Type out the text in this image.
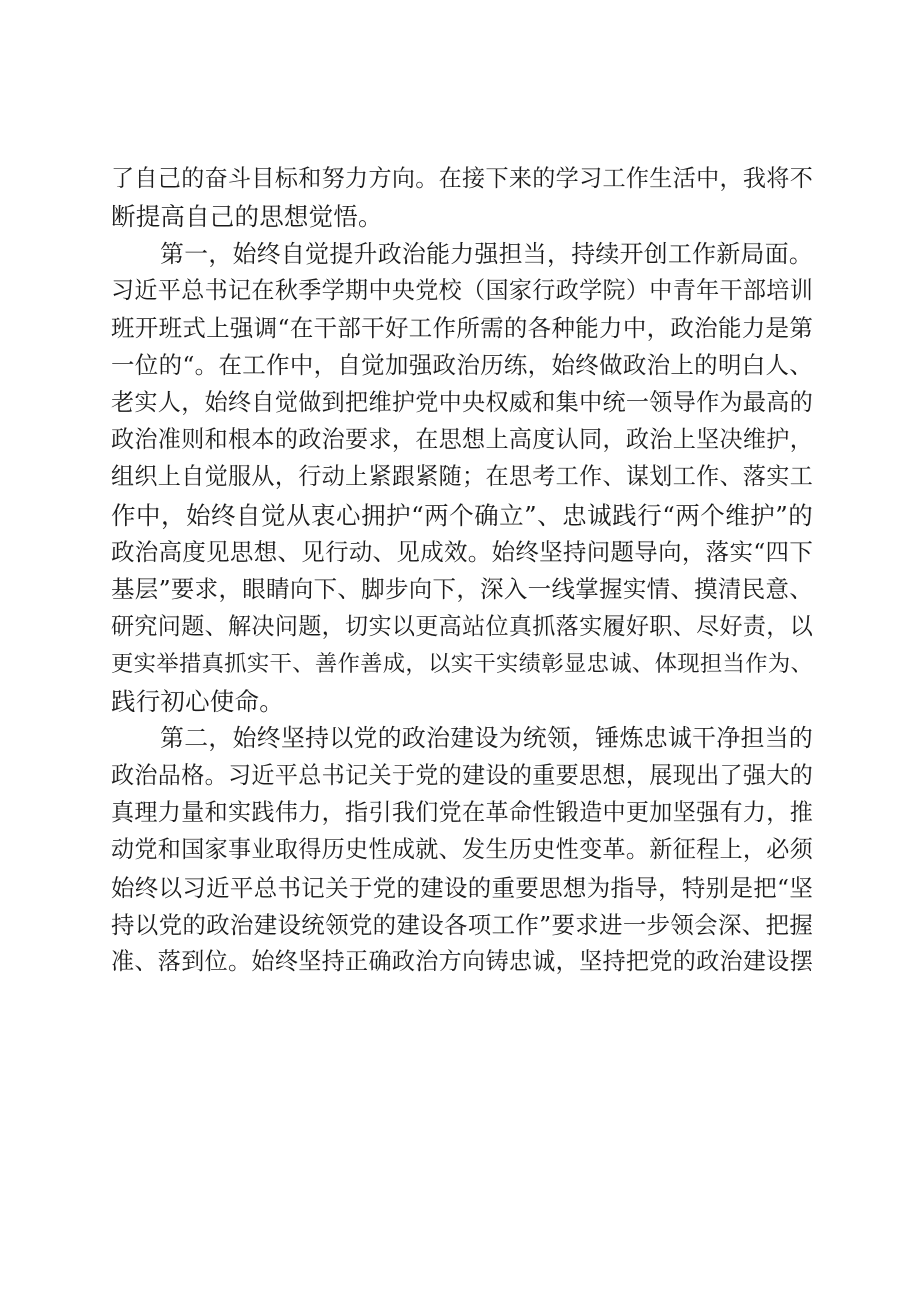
了自己的奋斗目标和努力方向。在接下来的学习工作生活中，我将不
断提高自己的思想觉悟。
第一，始终自觉提升政治能力强担当，持续开创工作新局面。
习近平总书记在秋季学期中央党校（国家行政学院）中青年干部培训
班开班式上强调“在干部干好工作所需的各种能力中，政治能力是第
一位的“。在工作中，自觉加强政治历练，始终做政治上的明白人、
老实人，始终自觉做到把维护党中央权威和集中统一领导作为最高的
政治准则和根本的政治要求，在思想上高度认同，政治上坚决维护，
组织上自觉服从，行动上紧跟紧随；在思考工作、谋划工作、落实工
作中，始终自觉从衷心拥护“两个确立”、忠诚践行“两个维护”的
政治高度见思想、见行动、见成效。始终坚持问题导向，落实“四下
基层”要求，眼睛向下、脚步向下，深入一线掌握实情、摸清民意、
研究问题、解决问题，切实以更高站位真抓落实履好职、尽好责，以
更实举措真抓实干、善作善成，以实干实绩彰显忠诚、体现担当作为、
践行初心使命。
第二，始终坚持以党的政治建设为统领，锤炼忠诚干净担当的
政治品格。习近平总书记关于党的建设的重要思想，展现出了强大的
真理力量和实践伟力，指引我们党在革命性锻造中更加坚强有力，推
动党和国家事业取得历史性成就、发生历史性变革。新征程上，必须
始终以习近平总书记关于党的建设的重要思想为指导，特别是把“坚
持以党的政治建设统领党的建设各项工作”要求进一步领会深、把握
准、落到位。始终坚持正确政治方向铸忠诚，坚持把党的政治建设摆
